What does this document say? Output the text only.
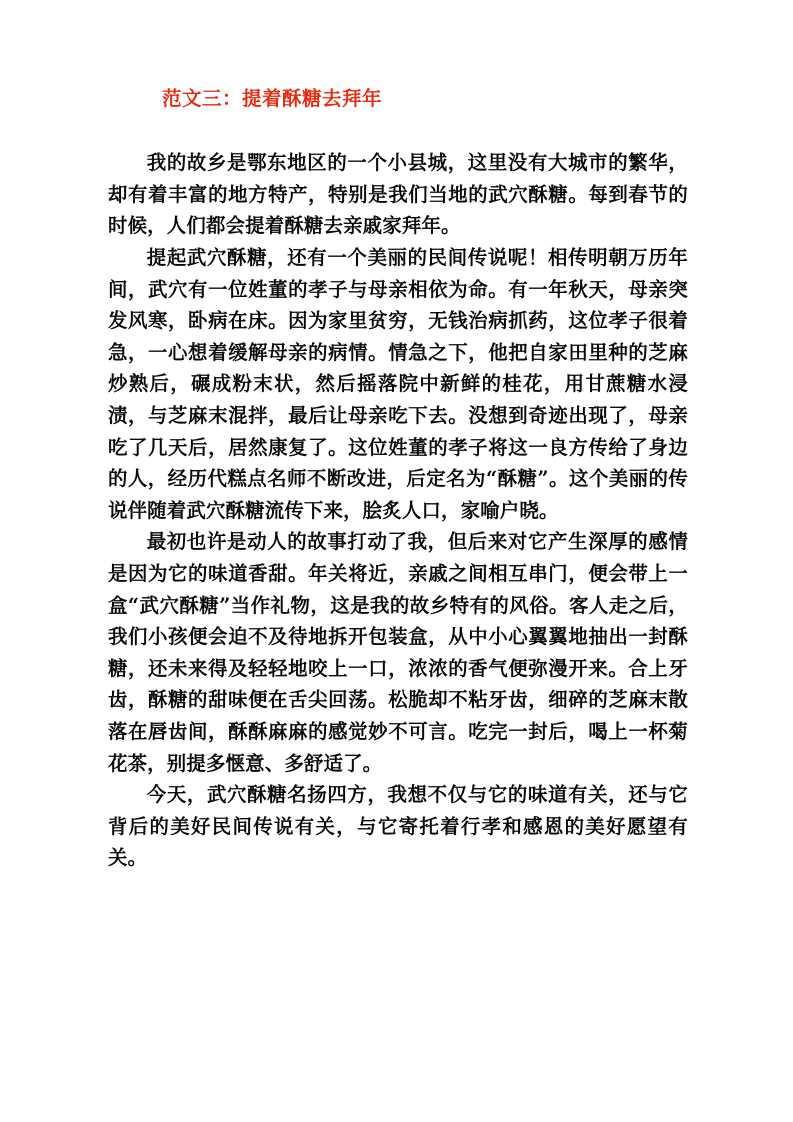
范文三：提着酥糖去拜年

我的故乡是鄂东地区的一个小县城，这里没有大城市的繁华，却有着丰富的地方特产，特别是我们当地的武穴酥糖。每到春节的时候，人们都会提着酥糖去亲戚家拜年。

提起武穴酥糖，还有一个美丽的民间传说呢！相传明朝万历年间，武穴有一位姓董的孝子与母亲相依为命。有一年秋天，母亲突发风寒，卧病在床。因为家里贫穷，无钱治病抓药，这位孝子很着急，一心想着缓解母亲的病情。情急之下，他把自家田里种的芝麻炒熟后，碾成粉末状，然后摇落院中新鲜的桂花，用甘蔗糖水浸渍，与芝麻末混拌，最后让母亲吃下去。没想到奇迹出现了，母亲吃了几天后，居然康复了。这位姓董的孝子将这一良方传给了身边的人，经历代糕点名师不断改进，后定名为“酥糖”。这个美丽的传说伴随着武穴酥糖流传下来，脍炙人口，家喻户晓。

最初也许是动人的故事打动了我，但后来对它产生深厚的感情是因为它的味道香甜。年关将近，亲戚之间相互串门，便会带上一盒“武穴酥糖”当作礼物，这是我的故乡特有的风俗。客人走之后，我们小孩便会迫不及待地拆开包装盒，从中小心翼翼地抽出一封酥糖，还未来得及轻轻地咬上一口，浓浓的香气便弥漫开来。合上牙齿，酥糖的甜味便在舌尖回荡。松脆却不粘牙齿，细碎的芝麻末散落在唇齿间，酥酥麻麻的感觉妙不可言。吃完一封后，喝上一杯菊花茶，别提多惬意、多舒适了。

今天，武穴酥糖名扬四方，我想不仅与它的味道有关，还与它背后的美好民间传说有关，与它寄托着行孝和感恩的美好愿望有关。
